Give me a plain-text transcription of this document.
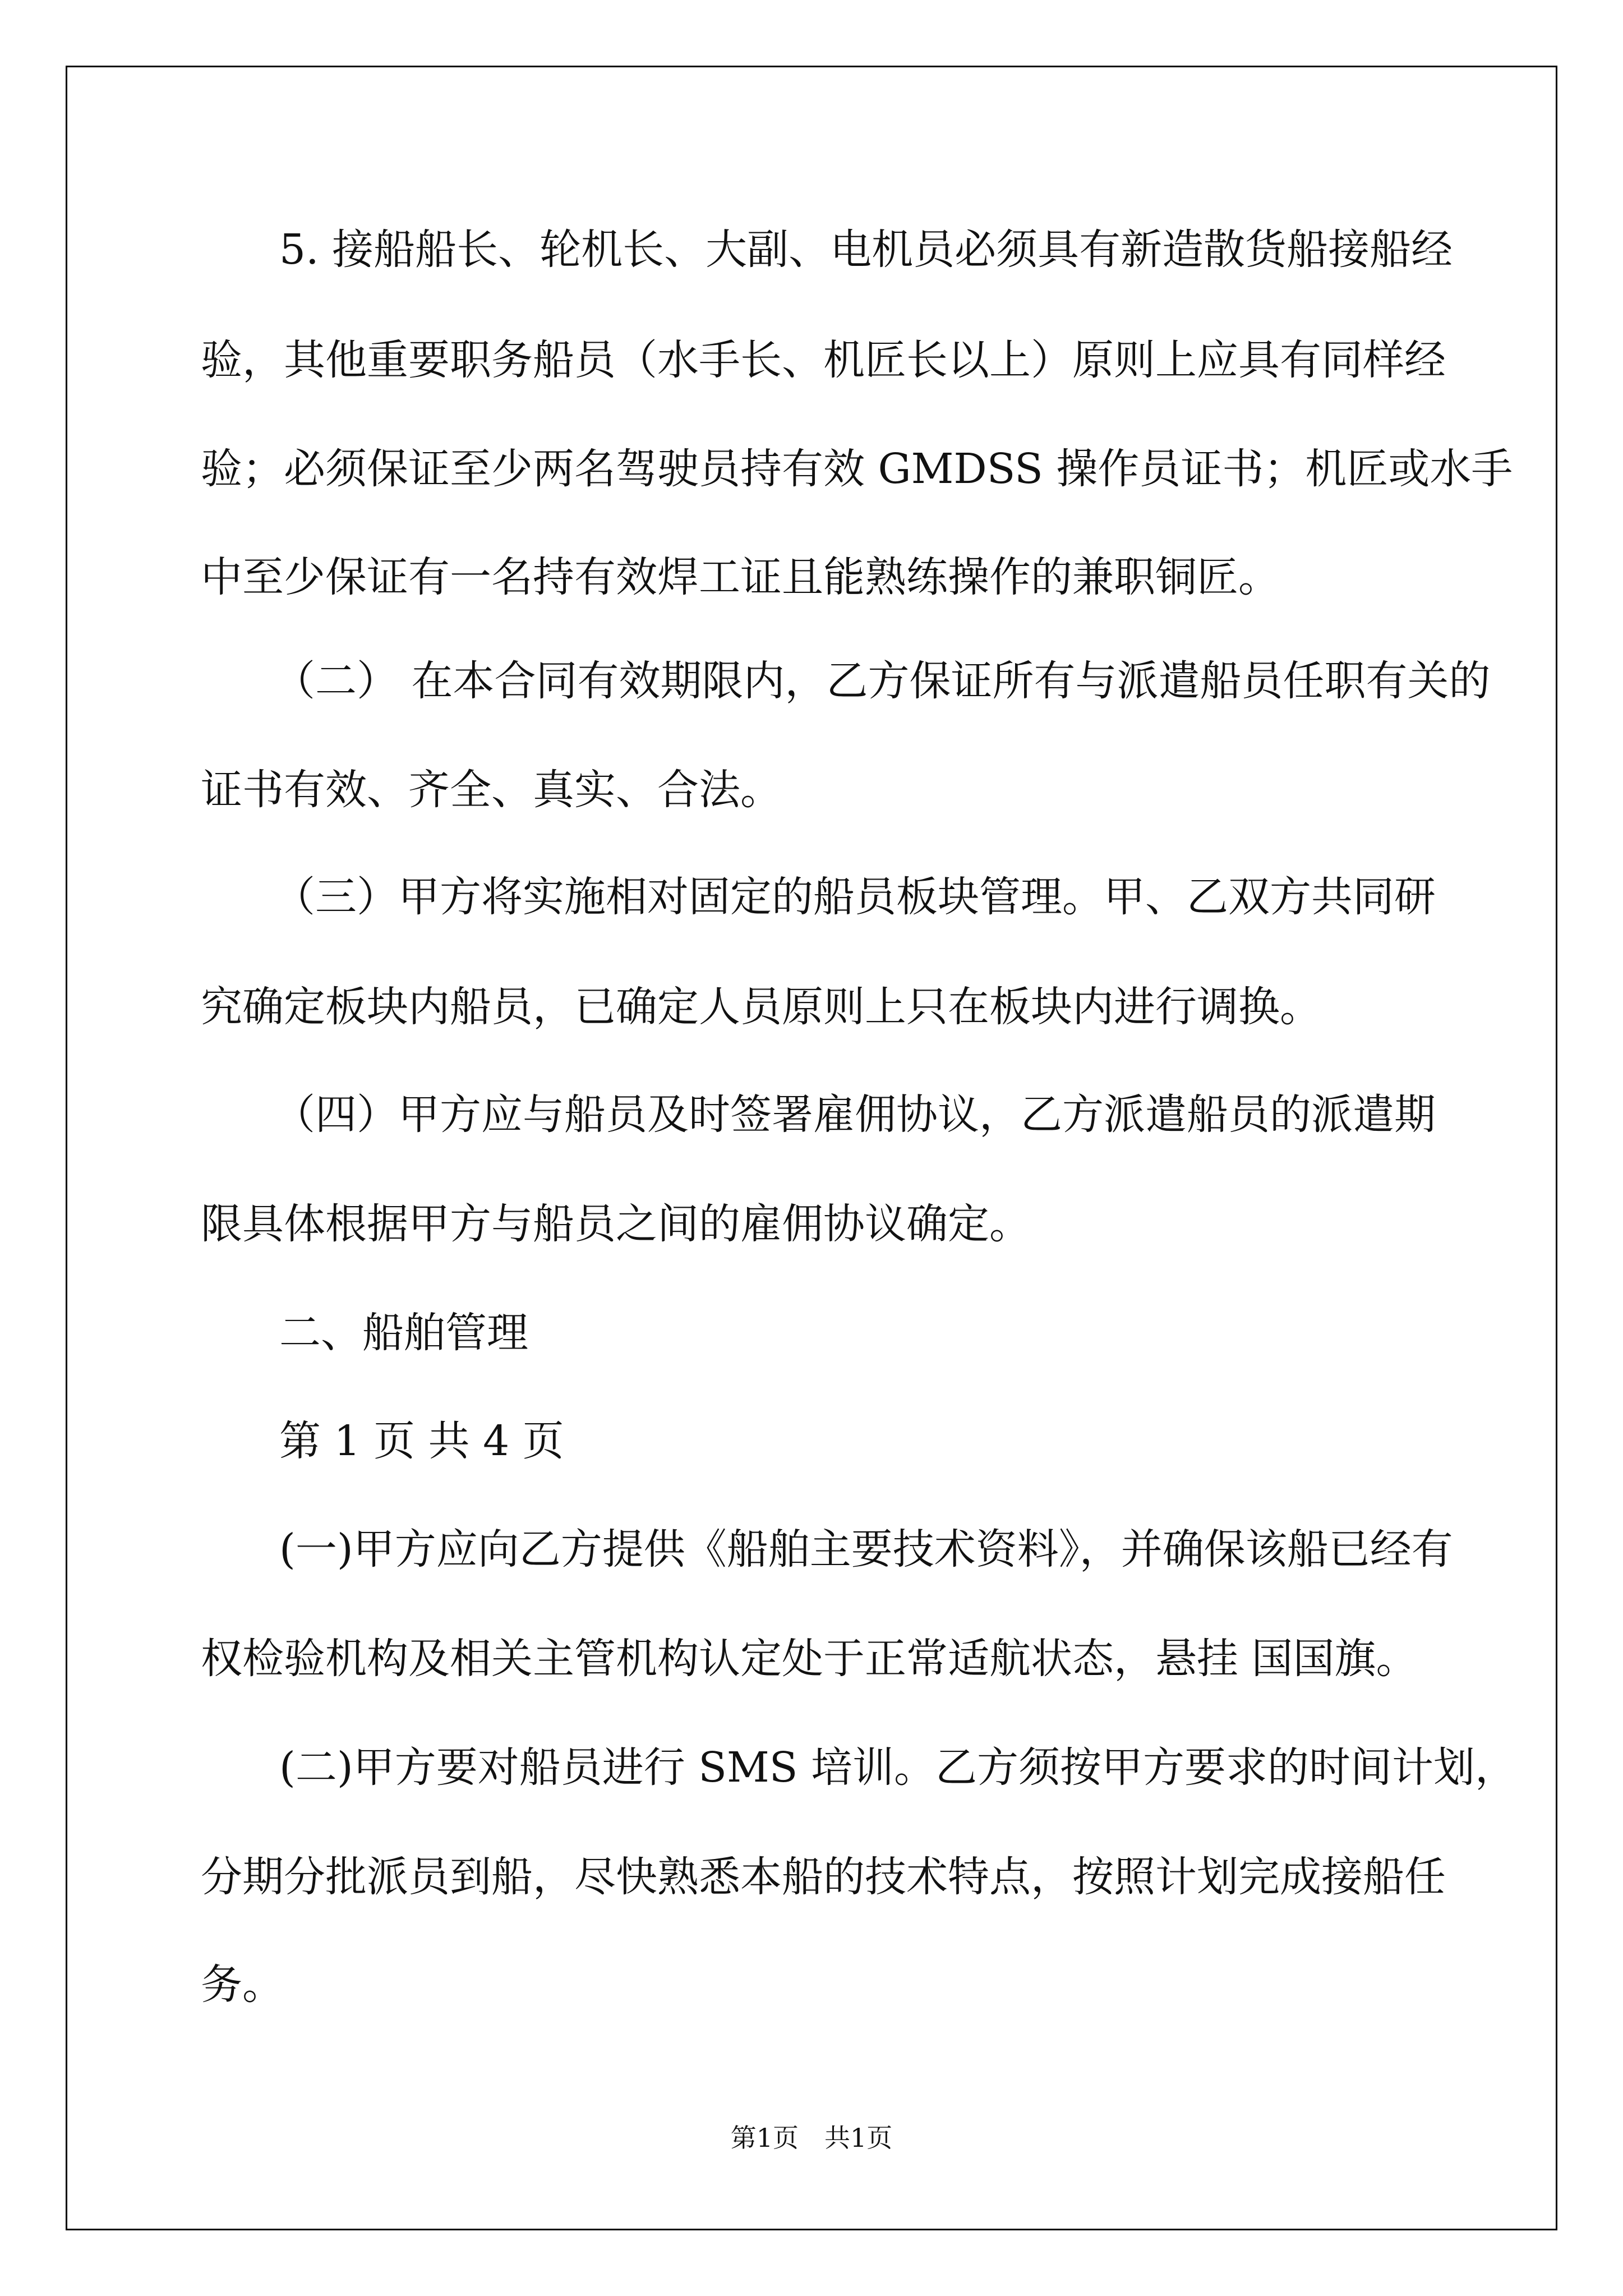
5. 接船船长、轮机长、大副、电机员必须具有新造散货船接船经
验，其他重要职务船员（水手长、机匠长以上）原则上应具有同样经
验；必须保证至少两名驾驶员持有效 GMDSS 操作员证书；机匠或水手
中至少保证有一名持有效焊工证且能熟练操作的兼职铜匠。
（二） 在本合同有效期限内，乙方保证所有与派遣船员任职有关的
证书有效、齐全、真实、合法。
（三）甲方将实施相对固定的船员板块管理。甲、乙双方共同研
究确定板块内船员，已确定人员原则上只在板块内进行调换。
（四）甲方应与船员及时签署雇佣协议，乙方派遣船员的派遣期
限具体根据甲方与船员之间的雇佣协议确定。
二、船舶管理
第 1 页 共 4 页
(一)甲方应向乙方提供《船舶主要技术资料》，并确保该船已经有
权检验机构及相关主管机构认定处于正常适航状态，悬挂 国国旗。
(二)甲方要对船员进行 SMS 培训。乙方须按甲方要求的时间计划，
分期分批派员到船，尽快熟悉本船的技术特点，按照计划完成接船任
务。
第1页　共1页
